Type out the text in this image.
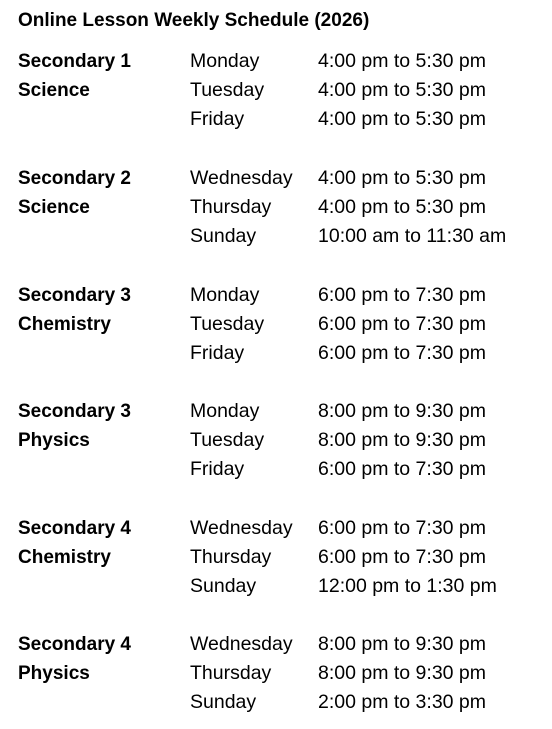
Online Lesson Weekly Schedule (2026)
Secondary 1
Science
Monday	4:00 pm to 5:30 pm
Tuesday	4:00 pm to 5:30 pm
Friday	4:00 pm to 5:30 pm
Secondary 2
Science
Wednesday 4:00 pm to 5:30 pm
Thursday 4:00 pm to 5:30 pm
Sunday	10:00 am to 11:30 am
Secondary 3
Chemistry
Monday	6:00 pm to 7:30 pm
Tuesday	6:00 pm to 7:30 pm
Friday	6:00 pm to 7:30 pm
Secondary 3
Physics
Monday	8:00 pm to 9:30 pm
Tuesday	8:00 pm to 9:30 pm
Friday	6:00 pm to 7:30 pm
Secondary 4
Chemistry
Wednesday 6:00 pm to 7:30 pm
Thursday 6:00 pm to 7:30 pm
Sunday	12:00 pm to 1:30 pm
Secondary 4
Physics
Wednesday 8:00 pm to 9:30 pm
Thursday 8:00 pm to 9:30 pm
Sunday	2:00 pm to 3:30 pm
